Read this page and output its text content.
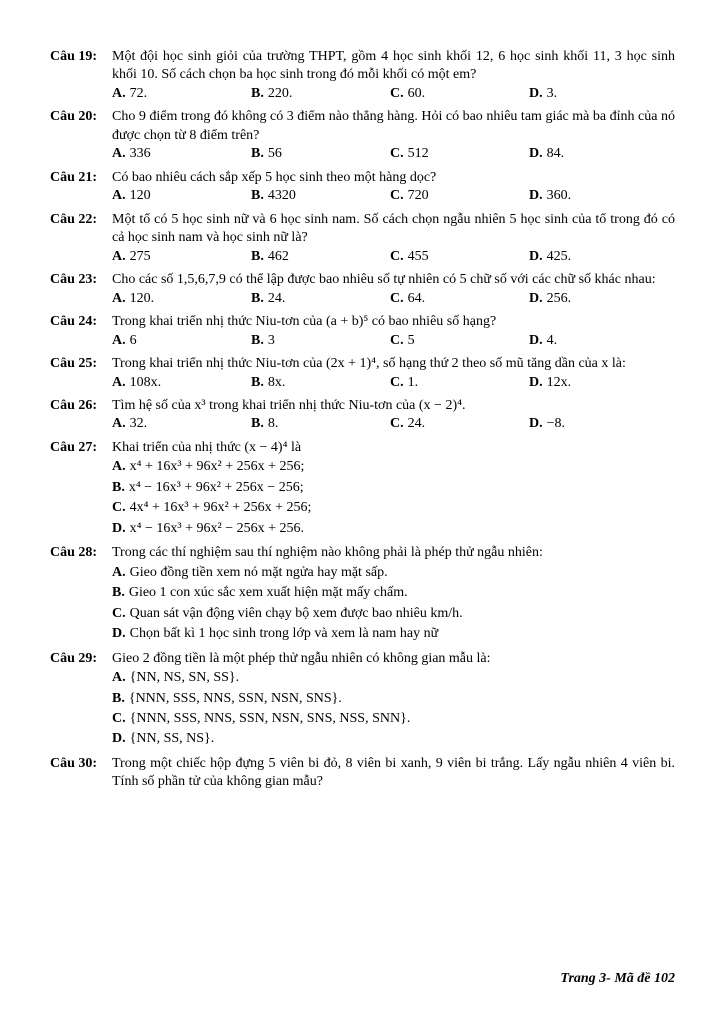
Câu 19:	Một đội học sinh giỏi của trường THPT, gồm 4 học sinh khối 12, 6 học sinh khối 11, 3 học sinh khối 10. Số cách chọn ba học sinh trong đó mỗi khối có một em?
A. 72.	B. 220.	C. 60.	D. 3.
Câu 20:	Cho 9 điểm trong đó không có 3 điểm nào thẳng hàng. Hỏi có bao nhiêu tam giác mà ba đỉnh của nó được chọn từ 8 điểm trên?
A. 336	B. 56	C. 512	D. 84.
Câu 21:	Có bao nhiêu cách sắp xếp 5 học sinh theo một hàng dọc?
A. 120	B. 4320	C. 720	D. 360.
Câu 22:	Một tổ có 5 học sinh nữ và 6 học sinh nam. Số cách chọn ngẫu nhiên 5 học sinh của tổ trong đó có cả học sinh nam và học sinh nữ là?
A. 275	B. 462	C. 455	D. 425.
Câu 23:	Cho các số 1,5,6,7,9 có thể lập được bao nhiêu số tự nhiên có 5 chữ số với các chữ số khác nhau:
A. 120.	B. 24.	C. 64.	D. 256.
Câu 24:	Trong khai triển nhị thức Niu-tơn của (a + b)⁵ có bao nhiêu số hạng?
A. 6	B. 3	C. 5	D. 4.
Câu 25:	Trong khai triển nhị thức Niu-tơn của (2x + 1)⁴, số hạng thứ 2 theo số mũ tăng dần của x là:
A. 108x.	B. 8x.	C. 1.	D. 12x.
Câu 26:	Tìm hệ số của x³ trong khai triển nhị thức Niu-tơn của (x − 2)⁴.
A. 32.	B. 8.	C. 24.	D. −8.
Câu 27:	Khai triển của nhị thức (x − 4)⁴ là
A. x⁴ + 16x³ + 96x² + 256x + 256;
B. x⁴ − 16x³ + 96x² + 256x − 256;
C. 4x⁴ + 16x³ + 96x² + 256x + 256;
D. x⁴ − 16x³ + 96x² − 256x + 256.
Câu 28:	Trong các thí nghiệm sau thí nghiệm nào không phải là phép thử ngẫu nhiên:
A. Gieo đồng tiền xem nó mặt ngửa hay mặt sấp.
B. Gieo 1 con xúc sắc xem xuất hiện mặt mấy chấm.
C. Quan sát vận động viên chạy bộ xem được bao nhiêu km/h.
D. Chọn bất kì 1 học sinh trong lớp và xem là nam hay nữ
Câu 29:	Gieo 2 đồng tiền là một phép thử ngẫu nhiên có không gian mẫu là:
A. {NN, NS, SN, SS}.
B. {NNN, SSS, NNS, SSN, NSN, SNS}.
C. {NNN, SSS, NNS, SSN, NSN, SNS, NSS, SNN}.
D. {NN, SS, NS}.
Câu 30:	Trong một chiếc hộp đựng 5 viên bi đỏ, 8 viên bi xanh, 9 viên bi trắng. Lấy ngẫu nhiên 4 viên bi. Tính số phần tử của không gian mẫu?
Trang 3- Mã đề 102
